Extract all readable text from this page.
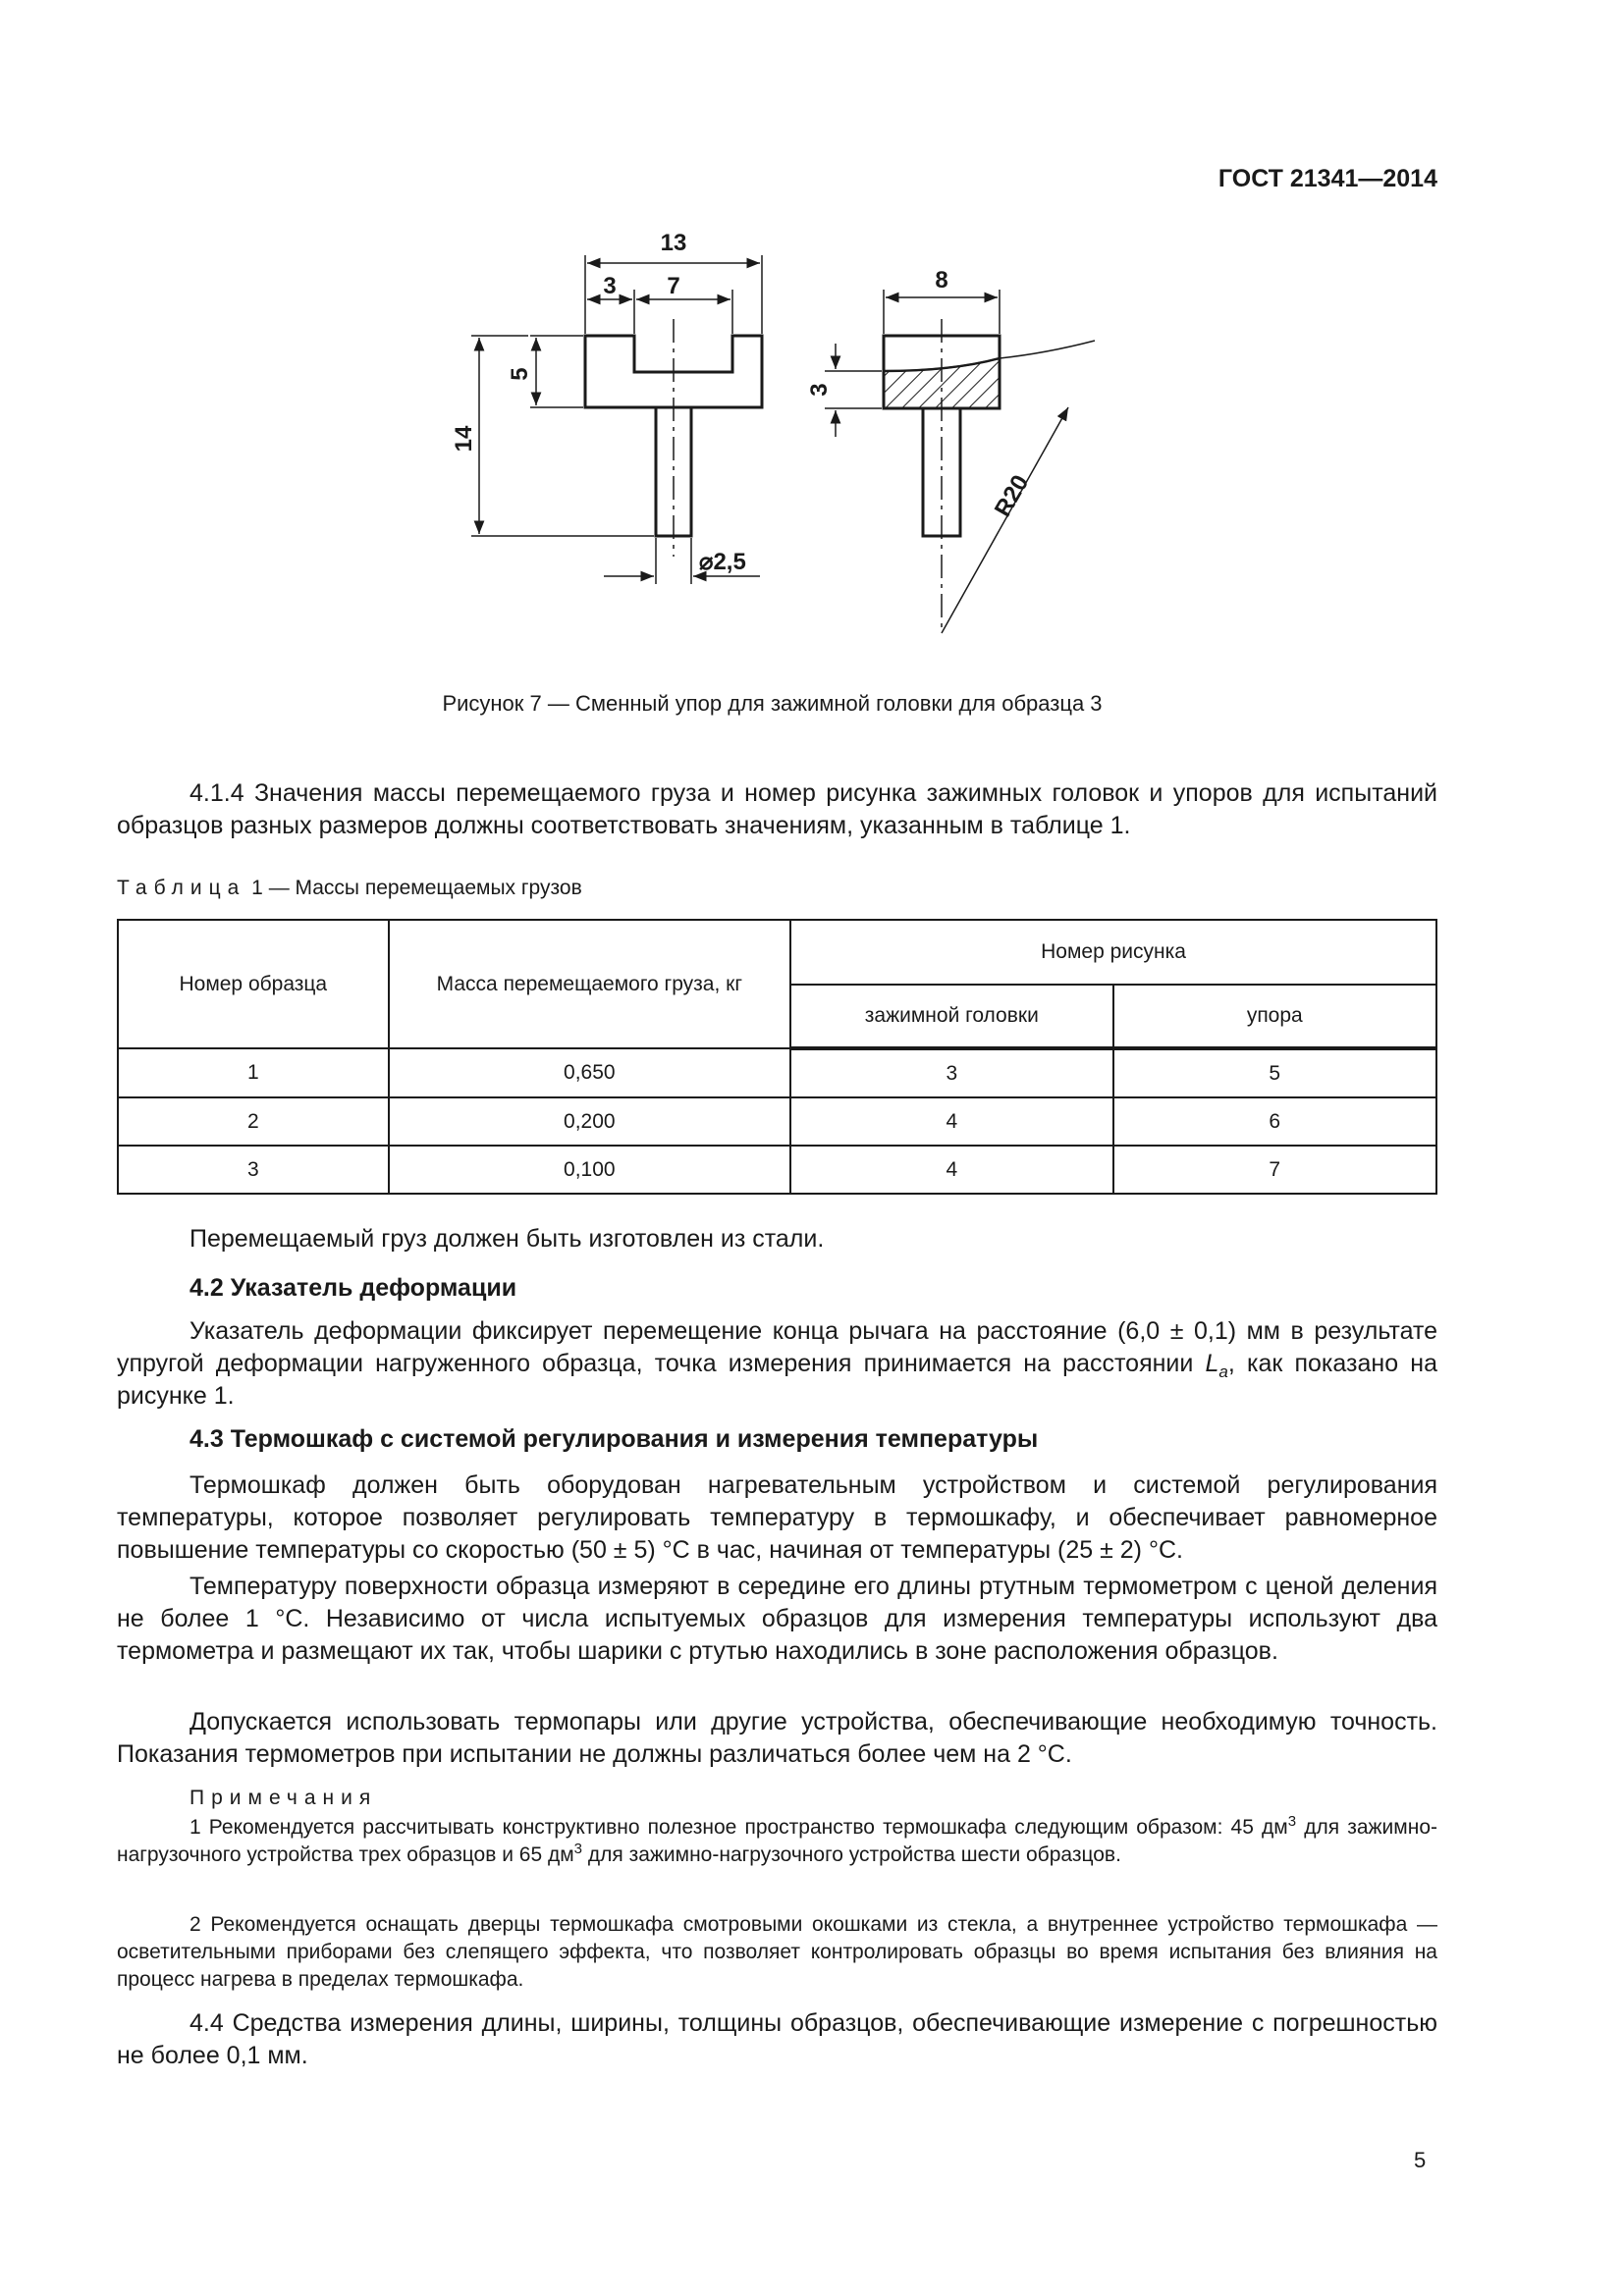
ГОСТ 21341—2014
13
3 7
5
14
⌀2,5
8
3
R20
Рисунок 7 — Сменный упор для зажимной головки для образца 3
4.1.4 Значения массы перемещаемого груза и номер рисунка зажимных головок и упоров для испытаний образцов разных размеров должны соответствовать значениям, указанным в таблице 1.
Таблица 1 — Массы перемещаемых грузов
Номер образца	Масса перемещаемого груза, кг	Номер рисунка	
		зажимной головки	упора
1	0,650	3	5
2	0,200	4	6
3	0,100	4	7
Перемещаемый груз должен быть изготовлен из стали.
4.2 Указатель деформации
Указатель деформации фиксирует перемещение конца рычага на расстояние (6,0 ± 0,1) мм в результате упругой деформации нагруженного образца, точка измерения принимается на расстоянии $L_a$, как показано на рисунке 1.
4.3 Термошкаф с системой регулирования и измерения температуры
Термошкаф должен быть оборудован нагревательным устройством и системой регулирования температуры, которое позволяет регулировать температуру в термошкафу, и обеспечивает равномерное повышение температуры со скоростью (50 ± 5) °С в час, начиная от температуры (25 ± 2) °С.
Температуру поверхности образца измеряют в середине его длины ртутным термометром с ценой деления не более 1 °С. Независимо от числа испытуемых образцов для измерения температуры используют два термометра и размещают их так, чтобы шарики с ртутью находились в зоне расположения образцов.
Допускается использовать термопары или другие устройства, обеспечивающие необходимую точность. Показания термометров при испытании не должны различаться более чем на 2 °С.
Примечания
1 Рекомендуется рассчитывать конструктивно полезное пространство термошкафа следующим образом: 45 $дм^3$ для зажимно-нагрузочного устройства трех образцов и 65 $дм^3$ для зажимно-нагрузочного устройства шести образцов.
2 Рекомендуется оснащать дверцы термошкафа смотровыми окошками из стекла, а внутреннее устройство термошкафа — осветительными приборами без слепящего эффекта, что позволяет контролировать образцы во время испытания без влияния на процесс нагрева в пределах термошкафа.
4.4 Средства измерения длины, ширины, толщины образцов, обеспечивающие измерение с погрешностью не более 0,1 мм.
5
